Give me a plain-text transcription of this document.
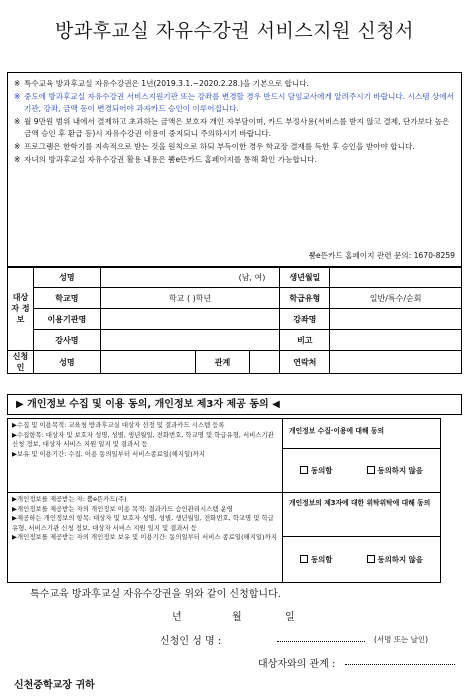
방과후교실 자유수강권 서비스지원 신청서
※ 특수교육 방과후교실 자유수강권은 1년(2019.3.1.~2020.2.28.)을 기본으로 합니다.
※ 중도에 방과후교실 자유수강권 서비스지원기관 또는 강좌를 변경할 경우 반드시 담임교사에게 알려주시기 바랍니다. 시스템 상에서 기관, 강좌, 금액 등이 변경되어야 과자카드 승인이 이루어집니다.
※ 월 9만원 범위 내에서 결제하고 초과하는 금액은 보호자 개인 자부담이며, 카드 부정사용(서비스를 받지 않고 결제, 단가보다 높은 금액 승인 후 환급 등)시 자유수강권 이용이 중지되니 주의하시기 바랍니다.
※ 프로그램은 한학기를 지속적으로 받는 것을 원칙으로 하되 부득이한 경우 학교장 결재를 득한 후 승인을 받아야 합니다.
※ 자녀의 방과후교실 자유수강권 활용 내용은 뿜e뜬카드 홈페이지를 통해 확인 가능합니다.
뿜e뜬카드 홈페이지 관련 문의: 1670-8259
대상자 정보	성명	(남, 여)			생년월일	
	학교명	학교 ( )학년			학급유형	일반/특수/순회
	이용기관명				강좌명	
	강사명				비고	
신청인	성명		관계		연락처	
▶ 개인정보 수집 및 이용 동의, 개인정보 제3자 제공 동의 ◀
▶수집 및 이용목적: 교육청 방과후교실 대상자 선정 및 결과카드 시스템 등록
▶수집항목: 대상자 및 보호자 성명, 성별, 생년월일, 전화번호, 학교명 및 학급유형, 서비스기관 신청 정보, 대상자 서비스 지원 일지 및 결과서 등
▶보유 및 이용기간: 수집, 이용 동의일부터 서비스종료일(해지일)까지
▶개인정보를 제공받는 자: 뿜e뜬카드(주)
▶개인정보를 제공받는 자의 개인정보 이용 목적: 결과카드 승인관리시스템 운영
▶제공하는 개인정보의 항목: 대상자 및 보호자 성명, 성별, 생년월일, 전화번호, 학교명 및 학급유형, 서비스기관 신청 정보, 대상자 서비스 지원 일지 및 결과서 등
▶개인정보를 제공받는 자의 개인정보 보유 및 이용기간: 동의일부터 서비스 종료일(해지일)까지
개인정보 수집·이용에 대해 동의
동의함	동의하지 않음
개인정보의 제3자에 대한 위탁위탁에 대해 동의
동의함	동의하지 않음
특수교육 방과후교실 자유수강권을 위와 같이 신청합니다.
년	월	일
신청인 성 명 :	(서명 또는 날인)
대상자와의 관계 :
신천중학교장 귀하
